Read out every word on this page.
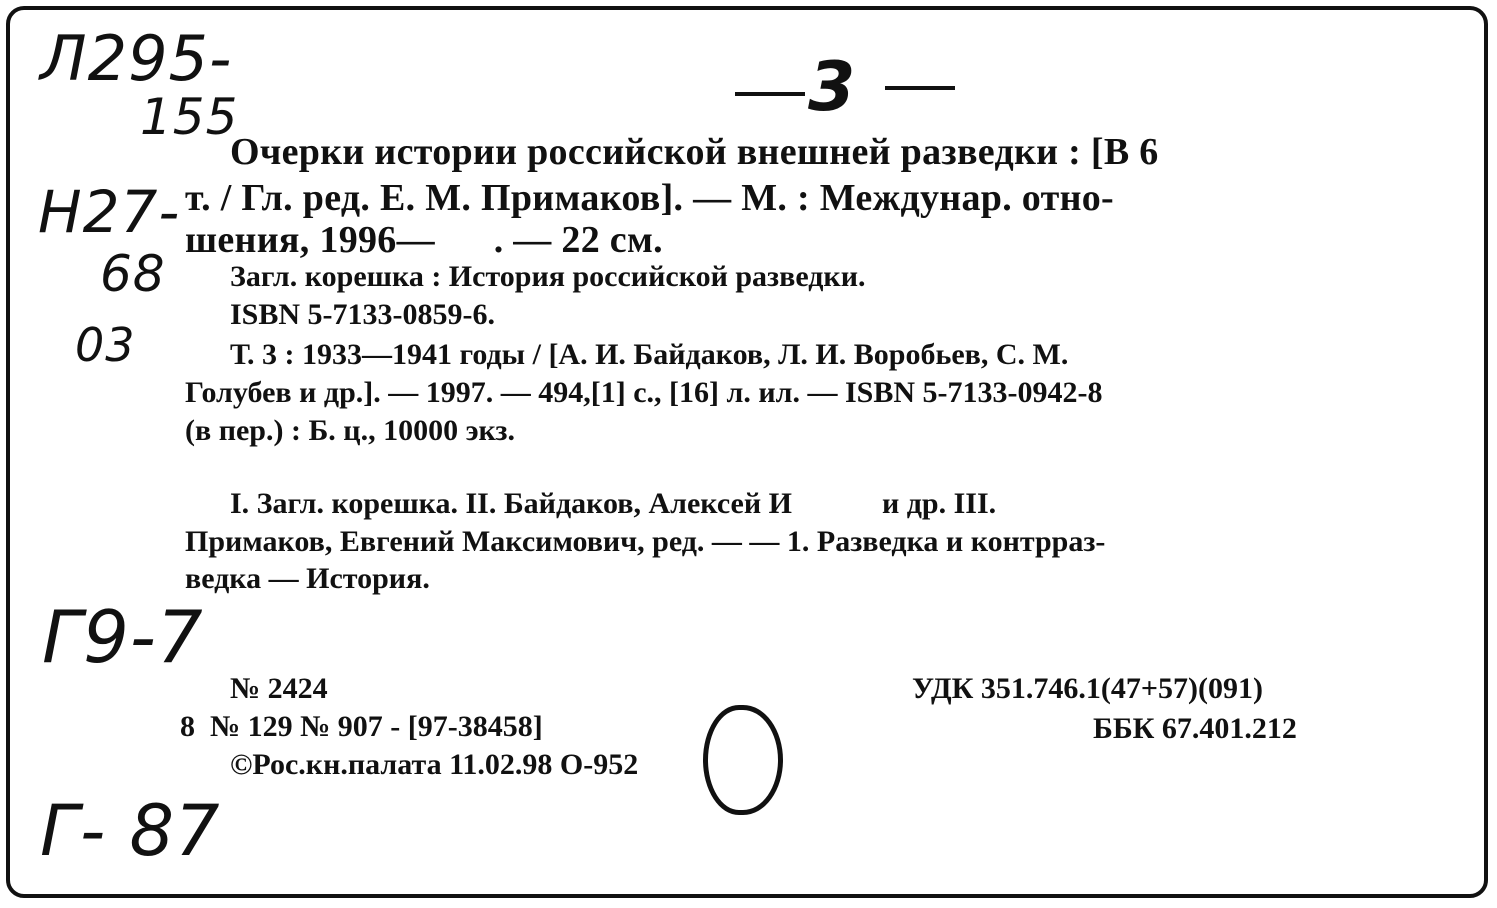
Л295-
155
Н27-
68
03
3
Г9-7
Г- 87
Очерки истории российской внешней разведки : [В 6
т. / Гл. ред. Е. М. Примаков]. — М. : Междунар. отно-
шения, 1996—      . — 22 см.
Загл. корешка : История российской разведки.
ISBN 5-7133-0859-6.
Т. 3 : 1933—1941 годы / [А. И. Байдаков, Л. И. Воробьев, С. М.
Голубев и др.]. — 1997. — 494,[1] с., [16] л. ил. — ISBN 5-7133-0942-8
(в пер.) : Б. ц., 10000 экз.
I. Загл. корешка. II. Байдаков, Алексей И            и др. III.
Примаков, Евгений Максимович, ред. — — 1. Разведка и контрраз-
ведка — История.
№ 2424
8  № 129 № 907 - [97-38458]
©Рос.кн.палата 11.02.98 О-952
УДК 351.746.1(47+57)(091)
ББК 67.401.212
